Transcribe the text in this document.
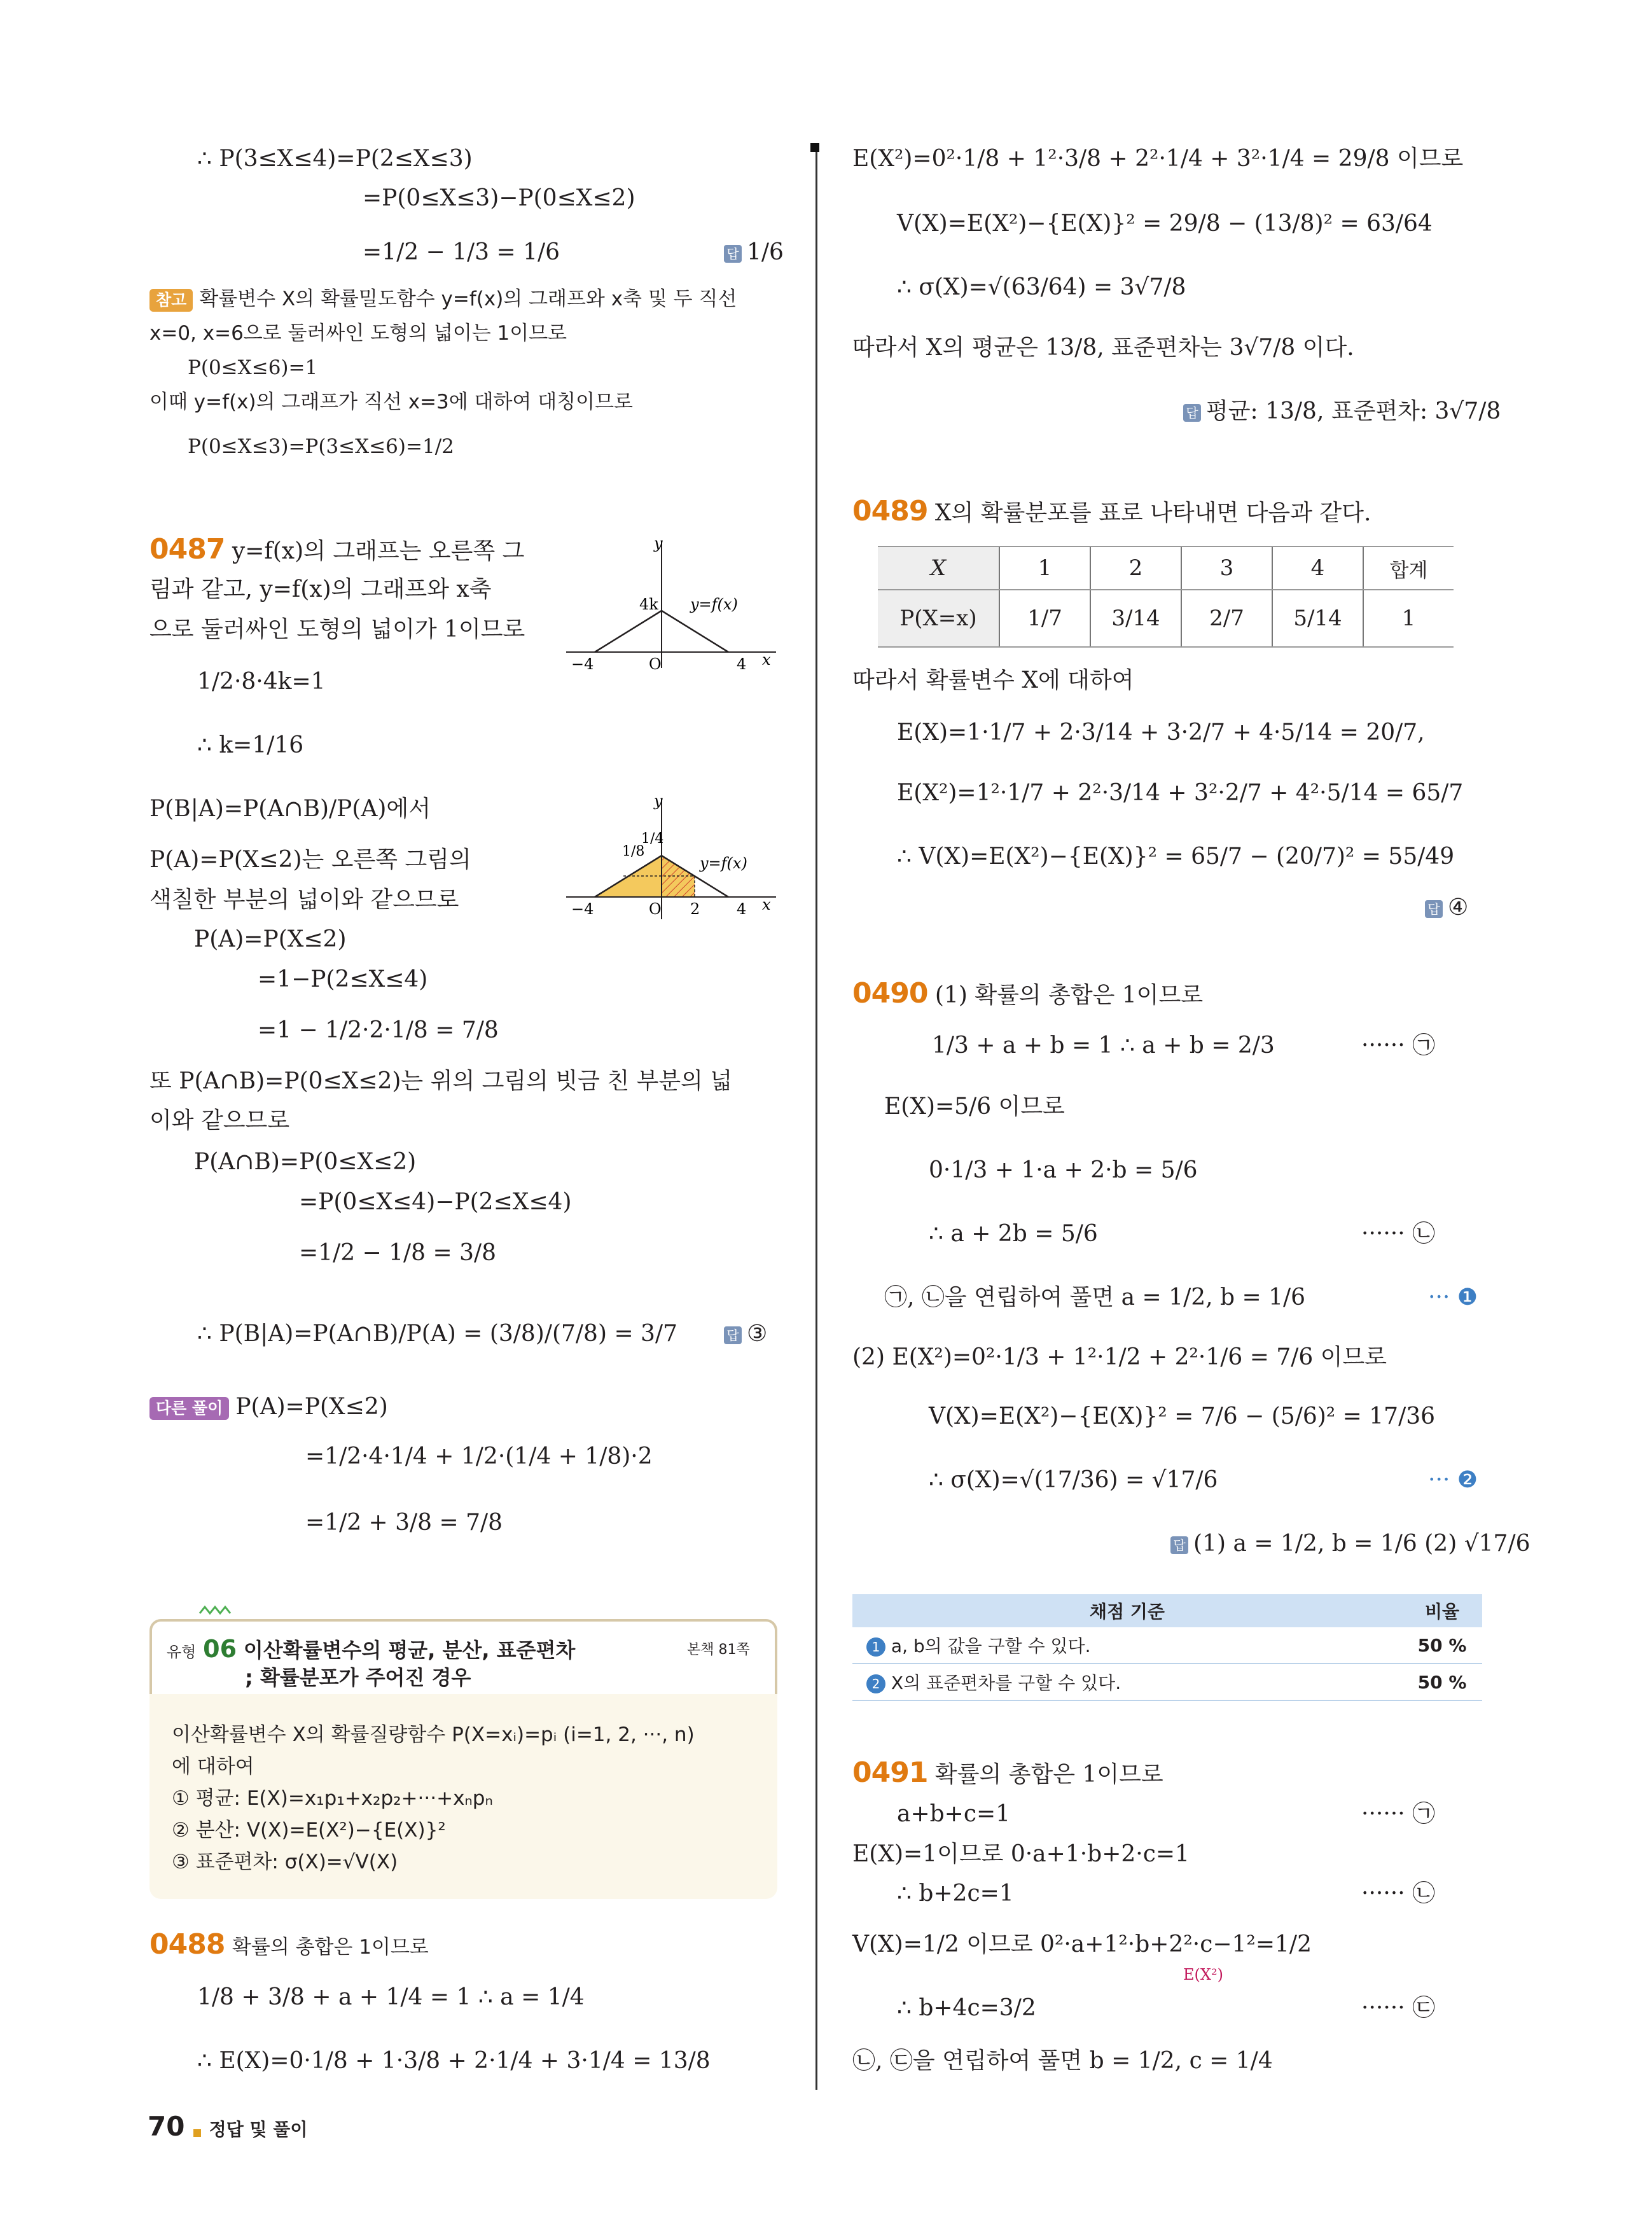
∴ P(3≤X≤4)=P(2≤X≤3)
=P(0≤X≤3)−P(0≤X≤2)
=1/2 − 1/3 = 1/6	답 1/6
참고 확률변수 X의 확률밀도함수 y=f(x)의 그래프와 x축 및 두 직선
x=0, x=6으로 둘러싸인 도형의 넓이는 1이므로
P(0≤X≤6)=1
이때 y=f(x)의 그래프가 직선 x=3에 대하여 대칭이므로
P(0≤X≤3)=P(3≤X≤6)=1/2
0487 y=f(x)의 그래프는 오른쪽 그
림과 같고, y=f(x)의 그래프와 x축
으로 둘러싸인 도형의 넓이가 1이므로
1/2·8·4k=1
∴ k=1/16
y
x
4k y=f(x)
−4	O	4
P(B|A)=P(A∩B)/P(A)에서
P(A)=P(X≤2)는 오른쪽 그림의
색칠한 부분의 넓이와 같으므로
y
x
1/8
1/4
y=f(x)
−4	O 2 4
P(A)=P(X≤2)
=1−P(2≤X≤4)
=1 − 1/2·2·1/8 = 7/8
또 P(A∩B)=P(0≤X≤2)는 위의 그림의 빗금 친 부분의 넓
이와 같으므로
P(A∩B)=P(0≤X≤2)
=P(0≤X≤4)−P(2≤X≤4)
=1/2 − 1/8 = 3/8
∴ P(B|A)=P(A∩B)/P(A) = (3/8)/(7/8) = 3/7	답 ③
다른 풀이 P(A)=P(X≤2)
=1/2·4·1/4 + 1/2·(1/4 + 1/8)·2
=1/2 + 3/8 = 7/8
유형 06 이산확률변수의 평균, 분산, 표준편차
; 확률분포가 주어진 경우
본책 81쪽
이산확률변수 X의 확률질량함수 P(X=xᵢ)=pᵢ (i=1, 2, ···, n)
에 대하여
① 평균: E(X)=x₁p₁+x₂p₂+···+xₙpₙ
② 분산: V(X)=E(X²)−{E(X)}²
③ 표준편차: σ(X)=√V(X)
0488 확률의 총합은 1이므로
1/8 + 3/8 + a + 1/4 = 1 ∴ a = 1/4
∴ E(X)=0·1/8 + 1·3/8 + 2·1/4 + 3·1/4 = 13/8
70 정답 및 풀이
E(X²)=0²·1/8 + 1²·3/8 + 2²·1/4 + 3²·1/4 = 29/8 이므로
V(X)=E(X²)−{E(X)}² = 29/8 − (13/8)² = 63/64
∴ σ(X)=√(63/64) = 3√7/8
따라서 X의 평균은 13/8, 표준편차는 3√7/8 이다.
답 평균: 13/8, 표준편차: 3√7/8
0489 X의 확률분포를 표로 나타내면 다음과 같다.
X	1	2	3	4	합계
P(X=x)	1/7	3/14	2/7	5/14	1
따라서 확률변수 X에 대하여
E(X)=1·1/7 + 2·3/14 + 3·2/7 + 4·5/14 = 20/7,
E(X²)=1²·1/7 + 2²·3/14 + 3²·2/7 + 4²·5/14 = 65/7
∴ V(X)=E(X²)−{E(X)}² = 65/7 − (20/7)² = 55/49
답 ④
0490 (1) 확률의 총합은 1이므로
1/3 + a + b = 1 ∴ a + b = 2/3	······ ㉠
E(X)=5/6 이므로
0·1/3 + 1·a + 2·b = 5/6
∴ a + 2b = 5/6	······ ㉡
㉠, ㉡을 연립하여 풀면 a = 1/2, b = 1/6	··· ❶
(2) E(X²)=0²·1/3 + 1²·1/2 + 2²·1/6 = 7/6 이므로
V(X)=E(X²)−{E(X)}² = 7/6 − (5/6)² = 17/36
∴ σ(X)=√(17/36) = √17/6	··· ❷
답 (1) a = 1/2, b = 1/6 (2) √17/6
채점 기준	비율
1 a, b의 값을 구할 수 있다.	50 %
2 X의 표준편차를 구할 수 있다.	50 %
0491 확률의 총합은 1이므로
a+b+c=1	······ ㉠
E(X)=1이므로 0·a+1·b+2·c=1
∴ b+2c=1	······ ㉡
V(X)=1/2 이므로 0²·a+1²·b+2²·c−1²=1/2
E(X²)
∴ b+4c=3/2	······ ㉢
㉡, ㉢을 연립하여 풀면 b = 1/2, c = 1/4
